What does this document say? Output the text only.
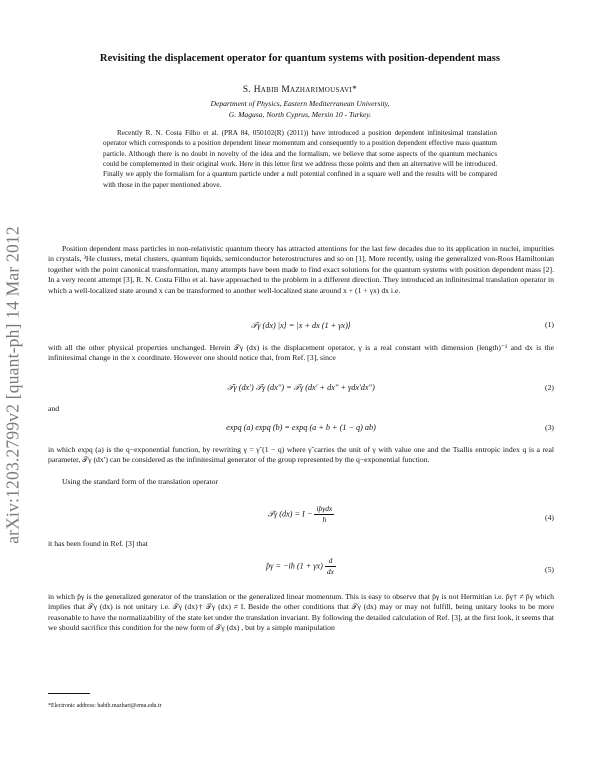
arXiv:1203.2799v2 [quant-ph] 14 Mar 2012
Revisiting the displacement operator for quantum systems with position-dependent mass
S. Habib Mazharimousavi*
Department of Physics, Eastern Mediterranean University,
G. Magusa, North Cyprus, Mersin 10 - Turkey.

Recently R. N. Costa Filho et al. (PRA 84, 050102(R) (2011)) have introduced a position dependent infinitesimal translation operator which corresponds to a position dependent linear momentum and consequently to a position dependent effective mass quantum particle. Although there is no doubt in novelty of the idea and the formalism, we believe that some aspects of the quantum mechanics could be complemented in their original work. Here in this letter first we address those points and then an alternative will be introduced. Finally we apply the formalism for a quantum particle under a null potential confined in a square well and the results will be compared with those in the paper mentioned above.

Position dependent mass particles in non-relativistic quantum theory has attracted attentions for the last few decades due to its application in nuclei, impurities in crystals, ³He clusters, metal clusters, quantum liquids, semiconductor heterostructures and so on [1]. More recently, using the generalized von-Roos Hamiltonian together with the point canonical transformation, many attempts have been made to find exact solutions for the quantum systems with position dependent mass [2]. In a very recent attempt [3], R. N. Costa Filho et al. have approached to the problem in a different direction. They introduced an infinitesimal translation operator in which a well-localized state around x can be transformed to another well-localized state around x + (1 + γx) dx i.e.

𝒯γ (dx) |x⟩ = |x + dx (1 + γx)⟩	(1)

with all the other physical properties unchanged. Herein 𝒯γ (dx) is the displacement operator, γ is a real constant with dimension (length)⁻¹ and dx is the infinitesimal change in the x coordinate. However one should notice that, from Ref. [3], since

𝒯γ (dx′) 𝒯γ (dx′′) = 𝒯γ (dx′ + dx′′ + γdx′dx′′)	(2)

and

expq (a) expq (b) = expq (a + b + (1 − q) ab)	(3)

in which expq (a) is the q−exponential function, by rewriting γ = γ̃ (1 − q) where γ̃ carries the unit of γ with value one and the Tsallis entropic index q is a real parameter, 𝒯γ (dx′) can be considered as the infinitesimal generator of the group represented by the q−exponential function.

Using the standard form of the translation operator

𝒯γ $(dx) = I - \frac{\text{ip̂γdx}}{ħ}$	(4)

it has been found in Ref. [3] that

p̂γ = −iħ $(1 + \gamma x) \frac{d}{dx}$	(5)

in which p̂γ is the generalized generator of the translation or the generalized linear momentum. This is easy to observe that p̂γ is not Hermitian i.e. p̂γ† ≠ p̂γ which implies that 𝒯γ (dx) is not unitary i.e. 𝒯γ (dx)† 𝒯γ (dx) ≠ I. Beside the other conditions that 𝒯γ (dx) may or may not fulfill, being unitary looks to be more reasonable to have the normalizability of the state ket under the translation invariant. By following the detailed calculation of Ref. [3], at the first look, it seems that we should sacrifice this condition for the new form of 𝒯γ (dx) , but by a simple manipulation

*Electronic address: habib.mazhari@emu.edu.tr
